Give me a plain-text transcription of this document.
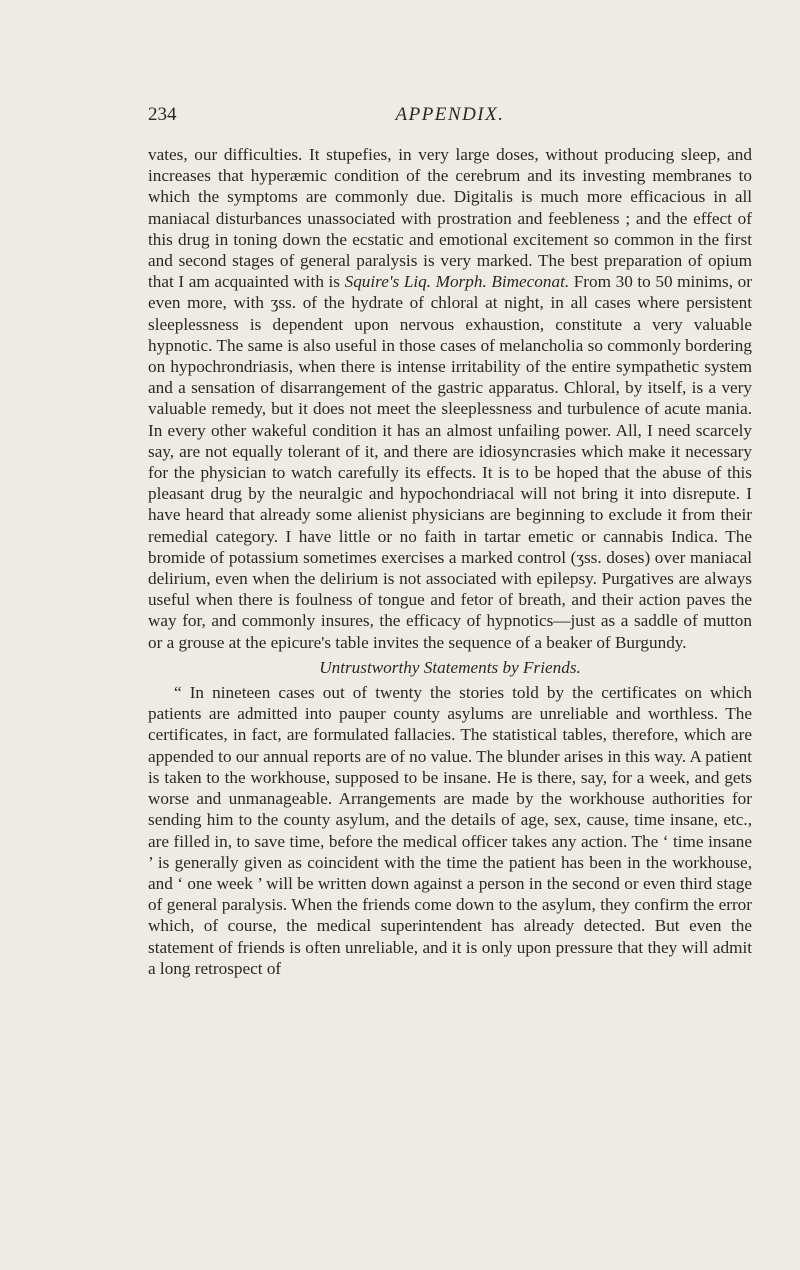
234	APPENDIX.

vates, our difficulties. It stupefies, in very large doses, without producing sleep, and increases that hyperæmic condition of the cerebrum and its investing membranes to which the symptoms are commonly due. Digitalis is much more efficacious in all maniacal disturbances unassociated with prostration and feebleness ; and the effect of this drug in toning down the ecstatic and emotional excitement so common in the first and second stages of general paralysis is very marked. The best preparation of opium that I am acquainted with is Squire's Liq. Morph. Bimeconat. From 30 to 50 minims, or even more, with ʒss. of the hydrate of chloral at night, in all cases where persistent sleeplessness is dependent upon nervous exhaustion, constitute a very valuable hypnotic. The same is also useful in those cases of melancholia so commonly bordering on hypochrondriasis, when there is intense irritability of the entire sympathetic system and a sensation of disarrangement of the gastric apparatus. Chloral, by itself, is a very valuable remedy, but it does not meet the sleeplessness and turbulence of acute mania. In every other wakeful condition it has an almost unfailing power. All, I need scarcely say, are not equally tolerant of it, and there are idiosyncrasies which make it necessary for the physician to watch carefully its effects. It is to be hoped that the abuse of this pleasant drug by the neuralgic and hypochondriacal will not bring it into disrepute. I have heard that already some alienist physicians are beginning to exclude it from their remedial category. I have little or no faith in tartar emetic or cannabis Indica. The bromide of potassium sometimes exercises a marked control (ʒss. doses) over maniacal delirium, even when the delirium is not associated with epilepsy. Purgatives are always useful when there is foulness of tongue and fetor of breath, and their action paves the way for, and commonly insures, the efficacy of hypnotics—just as a saddle of mutton or a grouse at the epicure's table invites the sequence of a beaker of Burgundy.

Untrustworthy Statements by Friends.

“ In nineteen cases out of twenty the stories told by the certificates on which patients are admitted into pauper county asylums are unreliable and worthless. The certificates, in fact, are formulated fallacies. The statistical tables, therefore, which are appended to our annual reports are of no value. The blunder arises in this way. A patient is taken to the workhouse, supposed to be insane. He is there, say, for a week, and gets worse and unmanageable. Arrangements are made by the workhouse authorities for sending him to the county asylum, and the details of age, sex, cause, time insane, etc., are filled in, to save time, before the medical officer takes any action. The ‘ time insane ’ is generally given as coincident with the time the patient has been in the workhouse, and ‘ one week ’ will be written down against a person in the second or even third stage of general paralysis. When the friends come down to the asylum, they confirm the error which, of course, the medical superintendent has already detected. But even the statement of friends is often unreliable, and it is only upon pressure that they will admit a long retrospect of
